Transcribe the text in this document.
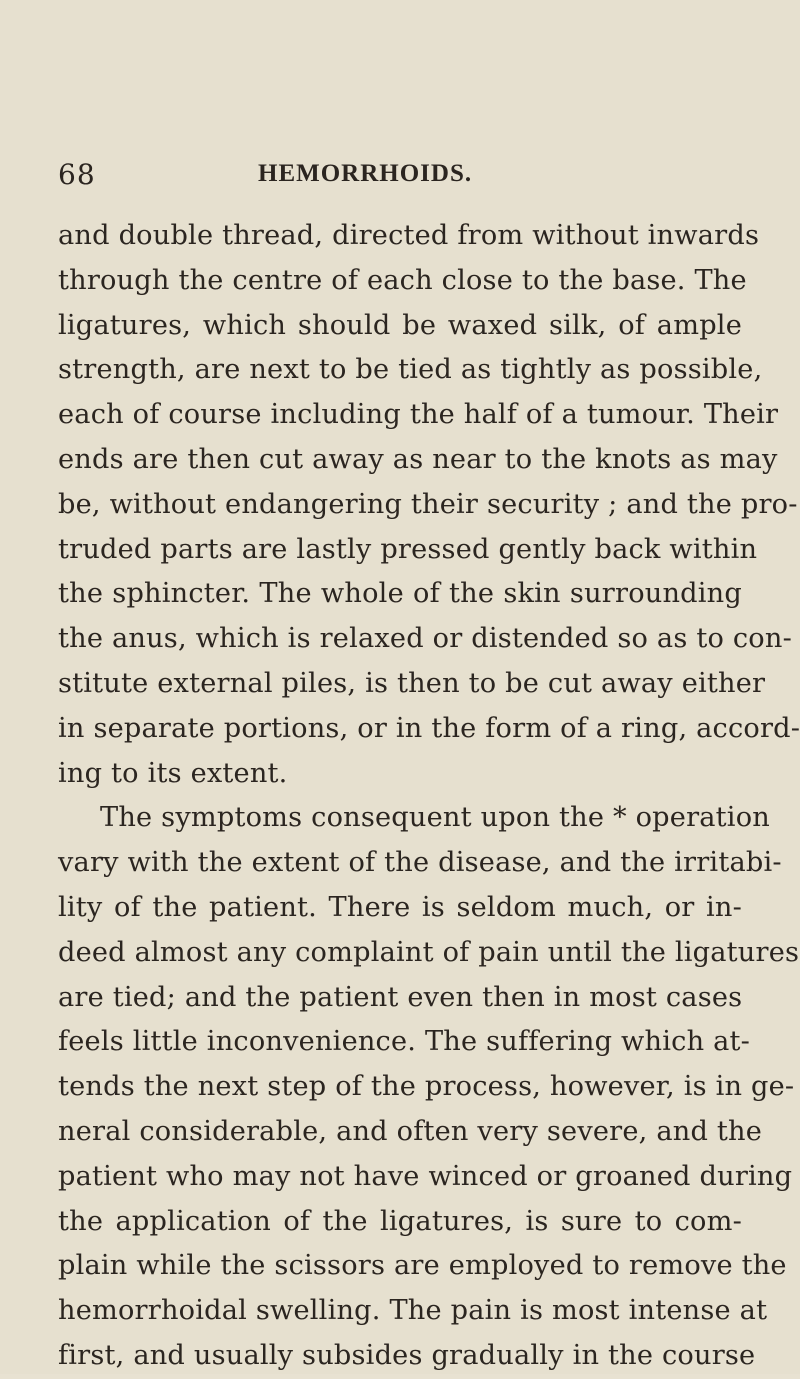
68	HEMORRHOIDS.
and double thread, directed from without inwards
through the centre of each close to the base. The
ligatures, which should be waxed silk, of ample
strength, are next to be tied as tightly as possible,
each of course including the half of a tumour. Their
ends are then cut away as near to the knots as may
be, without endangering their security ; and the pro-
truded parts are lastly pressed gently back within
the sphincter. The whole of the skin surrounding
the anus, which is relaxed or distended so as to con-
stitute external piles, is then to be cut away either
in separate portions, or in the form of a ring, accord-
ing to its extent.
The symptoms consequent upon the * operation
vary with the extent of the disease, and the irritabi-
lity of the patient. There is seldom much, or in-
deed almost any complaint of pain until the ligatures
are tied; and the patient even then in most cases
feels little inconvenience. The suffering which at-
tends the next step of the process, however, is in ge-
neral considerable, and often very severe, and the
patient who may not have winced or groaned during
the application of the ligatures, is sure to com-
plain while the scissors are employed to remove the
hemorrhoidal swelling. The pain is most intense at
first, and usually subsides gradually in the course
